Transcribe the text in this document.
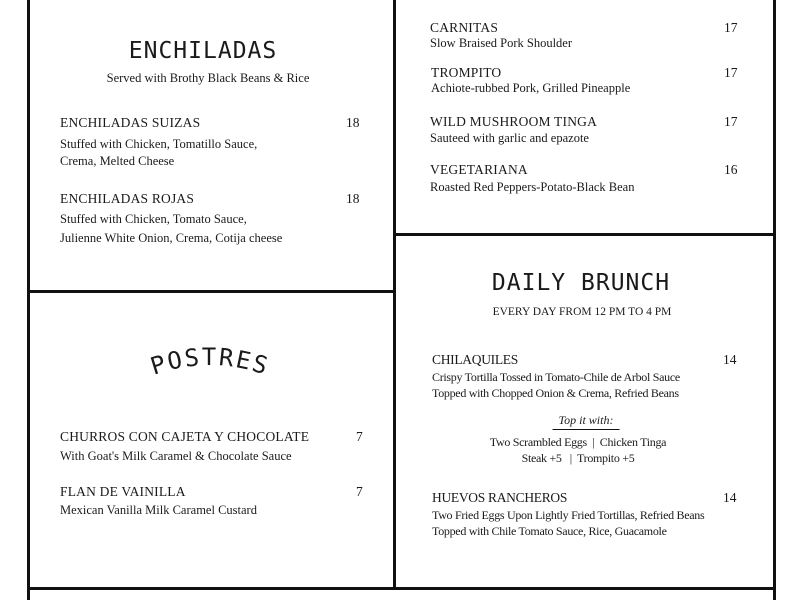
ENCHILADAS
Served with Brothy Black Beans & Rice
ENCHILADAS SUIZAS	18
Stuffed with Chicken, Tomatillo Sauce,
Crema, Melted Cheese
ENCHILADAS ROJAS	18
Stuffed with Chicken, Tomato Sauce,
Julienne White Onion, Crema, Cotija cheese
POSTRES
CHURROS CON CAJETA Y CHOCOLATE	7
With Goat's Milk Caramel & Chocolate Sauce
FLAN DE VAINILLA	7
Mexican Vanilla Milk Caramel Custard
CARNITAS	17
Slow Braised Pork Shoulder
TROMPITO	17
Achiote-rubbed Pork, Grilled Pineapple
WILD MUSHROOM TINGA	17
Sauteed with garlic and epazote
VEGETARIANA	16
Roasted Red Peppers-Potato-Black Bean
DAILY BRUNCH
EVERY DAY FROM 12 PM TO 4 PM
CHILAQUILES	14
Crispy Tortilla Tossed in Tomato-Chile de Arbol Sauce
Topped with Chopped Onion & Crema, Refried Beans
Top it with:
Two Scrambled Eggs  |  Chicken Tinga
Steak +5   |  Trompito +5
HUEVOS RANCHEROS	14
Two Fried Eggs Upon Lightly Fried Tortillas, Refried Beans
Topped with Chile Tomato Sauce, Rice, Guacamole
